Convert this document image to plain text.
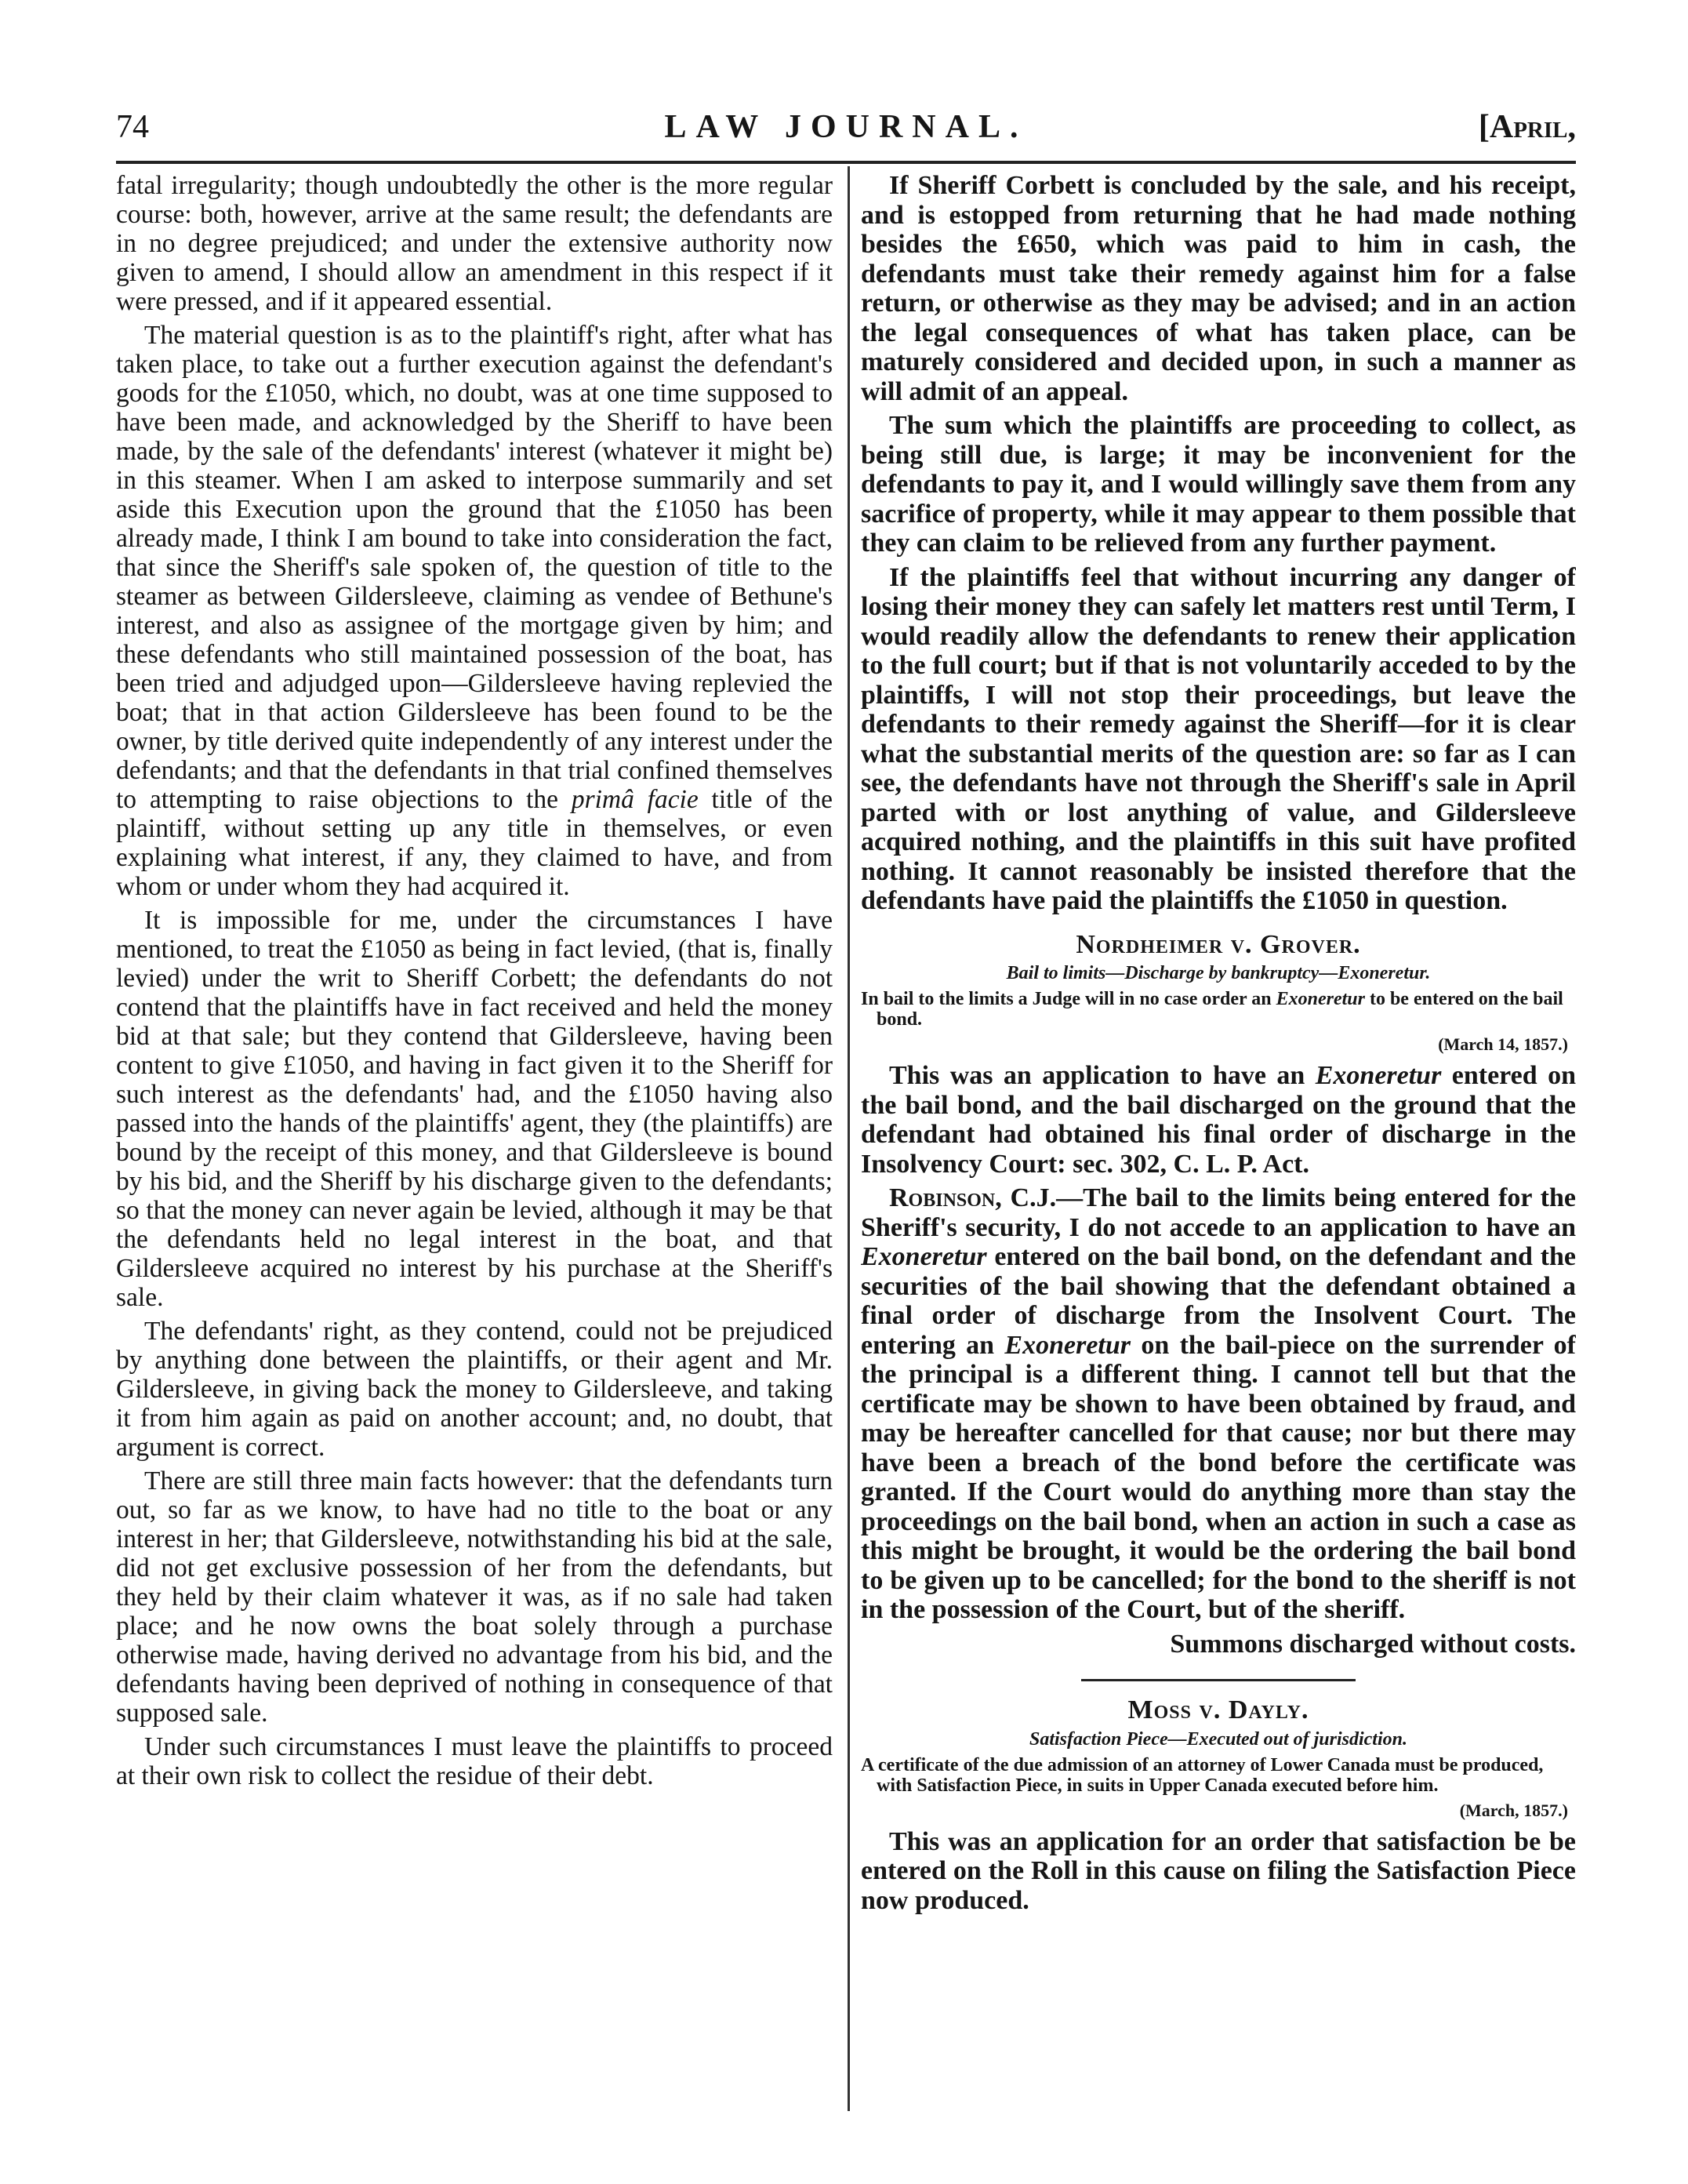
74	LAW JOURNAL.	[April,

fatal irregularity; though undoubtedly the other is the more regular course: both, however, arrive at the same result; the defendants are in no degree prejudiced; and under the extensive authority now given to amend, I should allow an amendment in this respect if it were pressed, and if it appeared essential.

The material question is as to the plaintiff's right, after what has taken place, to take out a further execution against the defendant's goods for the £1050, which, no doubt, was at one time supposed to have been made, and acknowledged by the Sheriff to have been made, by the sale of the defendants' interest (whatever it might be) in this steamer. When I am asked to interpose summarily and set aside this Execution upon the ground that the £1050 has been already made, I think I am bound to take into consideration the fact, that since the Sheriff's sale spoken of, the question of title to the steamer as between Gildersleeve, claiming as vendee of Bethune's interest, and also as assignee of the mortgage given by him; and these defendants who still maintained possession of the boat, has been tried and adjudged upon—Gildersleeve having replevied the boat; that in that action Gildersleeve has been found to be the owner, by title derived quite independently of any interest under the defendants; and that the defendants in that trial confined themselves to attempting to raise objections to the primâ facie title of the plaintiff, without setting up any title in themselves, or even explaining what interest, if any, they claimed to have, and from whom or under whom they had acquired it.

It is impossible for me, under the circumstances I have mentioned, to treat the £1050 as being in fact levied, (that is, finally levied) under the writ to Sheriff Corbett; the defendants do not contend that the plaintiffs have in fact received and held the money bid at that sale; but they contend that Gildersleeve, having been content to give £1050, and having in fact given it to the Sheriff for such interest as the defendants' had, and the £1050 having also passed into the hands of the plaintiffs' agent, they (the plaintiffs) are bound by the receipt of this money, and that Gildersleeve is bound by his bid, and the Sheriff by his discharge given to the defendants; so that the money can never again be levied, although it may be that the defendants held no legal interest in the boat, and that Gildersleeve acquired no interest by his purchase at the Sheriff's sale.

The defendants' right, as they contend, could not be prejudiced by anything done between the plaintiffs, or their agent and Mr. Gildersleeve, in giving back the money to Gildersleeve, and taking it from him again as paid on another account; and, no doubt, that argument is correct.

There are still three main facts however: that the defendants turn out, so far as we know, to have had no title to the boat or any interest in her; that Gildersleeve, notwithstanding his bid at the sale, did not get exclusive possession of her from the defendants, but they held by their claim whatever it was, as if no sale had taken place; and he now owns the boat solely through a purchase otherwise made, having derived no advantage from his bid, and the defendants having been deprived of nothing in consequence of that supposed sale.

Under such circumstances I must leave the plaintiffs to proceed at their own risk to collect the residue of their debt.

If Sheriff Corbett is concluded by the sale, and his receipt, and is estopped from returning that he had made nothing besides the £650, which was paid to him in cash, the defendants must take their remedy against him for a false return, or otherwise as they may be advised; and in an action the legal consequences of what has taken place, can be maturely considered and decided upon, in such a manner as will admit of an appeal.

The sum which the plaintiffs are proceeding to collect, as being still due, is large; it may be inconvenient for the defendants to pay it, and I would willingly save them from any sacrifice of property, while it may appear to them possible that they can claim to be relieved from any further payment.

If the plaintiffs feel that without incurring any danger of losing their money they can safely let matters rest until Term, I would readily allow the defendants to renew their application to the full court; but if that is not voluntarily acceded to by the plaintiffs, I will not stop their proceedings, but leave the defendants to their remedy against the Sheriff—for it is clear what the substantial merits of the question are: so far as I can see, the defendants have not through the Sheriff's sale in April parted with or lost anything of value, and Gildersleeve acquired nothing, and the plaintiffs in this suit have profited nothing. It cannot reasonably be insisted therefore that the defendants have paid the plaintiffs the £1050 in question.

Nordheimer v. Grover.
Bail to limits—Discharge by bankruptcy—Exoneretur.

In bail to the limits a Judge will in no case order an Exoneretur to be entered on the bail bond.

(March 14, 1857.)

This was an application to have an Exoneretur entered on the bail bond, and the bail discharged on the ground that the defendant had obtained his final order of discharge in the Insolvency Court: sec. 302, C. L. P. Act.

Robinson, C.J.—The bail to the limits being entered for the Sheriff's security, I do not accede to an application to have an Exoneretur entered on the bail bond, on the defendant and the securities of the bail showing that the defendant obtained a final order of discharge from the Insolvent Court. The entering an Exoneretur on the bail-piece on the surrender of the principal is a different thing. I cannot tell but that the certificate may be shown to have been obtained by fraud, and may be hereafter cancelled for that cause; nor but there may have been a breach of the bond before the certificate was granted. If the Court would do anything more than stay the proceedings on the bail bond, when an action in such a case as this might be brought, it would be the ordering the bail bond to be given up to be cancelled; for the bond to the sheriff is not in the possession of the Court, but of the sheriff.

Summons discharged without costs.
Moss v. Dayly.
Satisfaction Piece—Executed out of jurisdiction.

A certificate of the due admission of an attorney of Lower Canada must be produced, with Satisfaction Piece, in suits in Upper Canada executed before him.

(March, 1857.)

This was an application for an order that satisfaction be be entered on the Roll in this cause on filing the Satisfaction Piece now produced.
